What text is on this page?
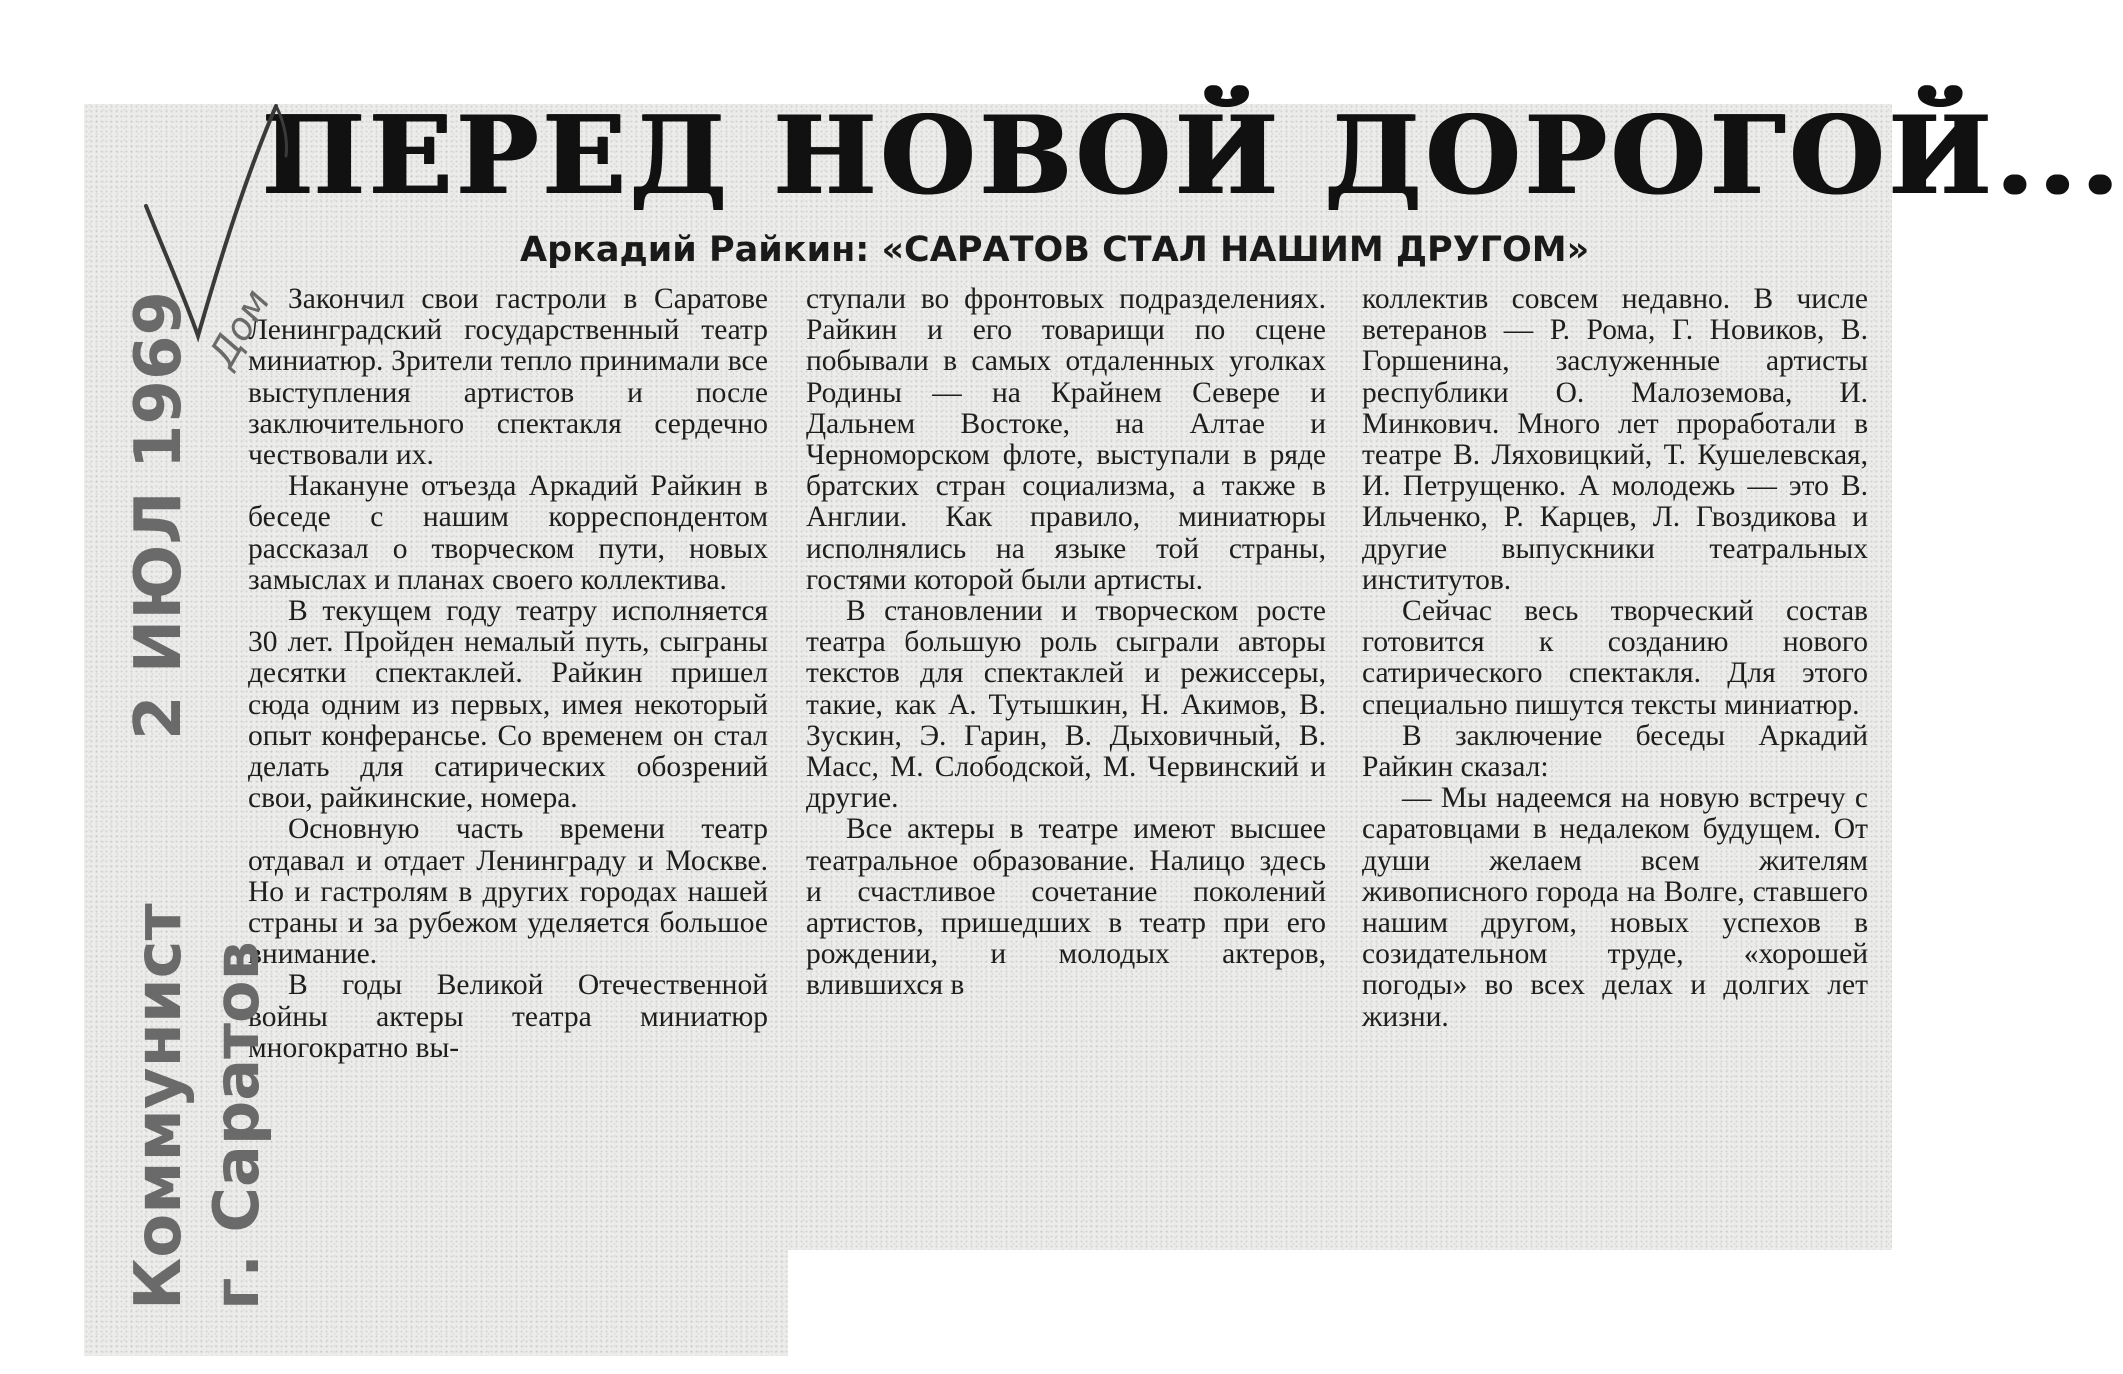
ПЕРЕД НОВОЙ ДОРОГОЙ...
Аркадий Райкин: «САРАТОВ СТАЛ НАШИМ ДРУГОМ»

Закончил свои гастроли в Саратове Ленинградский государственный театр миниатюр. Зрители тепло принимали все выступления артистов и после заключительного спектакля сердечно чествовали их.

Накануне отъезда Аркадий Райкин в беседе с нашим корреспондентом рассказал о творческом пути, новых замыслах и планах своего коллектива.

В текущем году театру исполняется 30 лет. Пройден немалый путь, сыграны десятки спектаклей. Райкин пришел сюда одним из первых, имея некоторый опыт конферансье. Со временем он стал делать для сатирических обозрений свои, райкинские, номера.

Основную часть времени театр отдавал и отдает Ленинграду и Москве. Но и гастролям в других городах нашей страны и за рубежом уделяется большое внимание.

В годы Великой Отечественной войны актеры театра миниатюр многократно вы-

ступали во фронтовых подразделениях. Райкин и его товарищи по сцене побывали в самых отдаленных уголках Родины — на Крайнем Севере и Дальнем Востоке, на Алтае и Черноморском флоте, выступали в ряде братских стран социализма, а также в Англии. Как правило, миниатюры исполнялись на языке той страны, гостями которой были артисты.

В становлении и творческом росте театра большую роль сыграли авторы текстов для спектаклей и режиссеры, такие, как А. Тутышкин, Н. Акимов, В. Зускин, Э. Гарин, В. Дыховичный, В. Масс, М. Слободской, М. Червинский и другие.

Все актеры в театре имеют высшее театральное образование. Налицо здесь и счастливое сочетание поколений артистов, пришедших в театр при его рождении, и молодых актеров, влившихся в

коллектив совсем недавно. В числе ветеранов — Р. Рома, Г. Новиков, В. Горшенина, заслуженные артисты республики О. Малоземова, И. Минкович. Много лет проработали в театре В. Ляховицкий, Т. Кушелевская, И. Петрущенко. А молодежь — это В. Ильченко, Р. Карцев, Л. Гвоздикова и другие выпускники театральных институтов.

Сейчас весь творческий состав готовится к созданию нового сатирического спектакля. Для этого специально пишутся тексты миниатюр.

В заключение беседы Аркадий Райкин сказал:

— Мы надеемся на новую встречу с саратовцами в недалеком будущем. От души желаем всем жителям живописного города на Волге, ставшего нашим другом, новых успехов в созидательном труде, «хорошей погоды» во всех делах и долгих лет жизни.

Дом
2 ИЮЛ 1969
Коммунист г. Саратов
